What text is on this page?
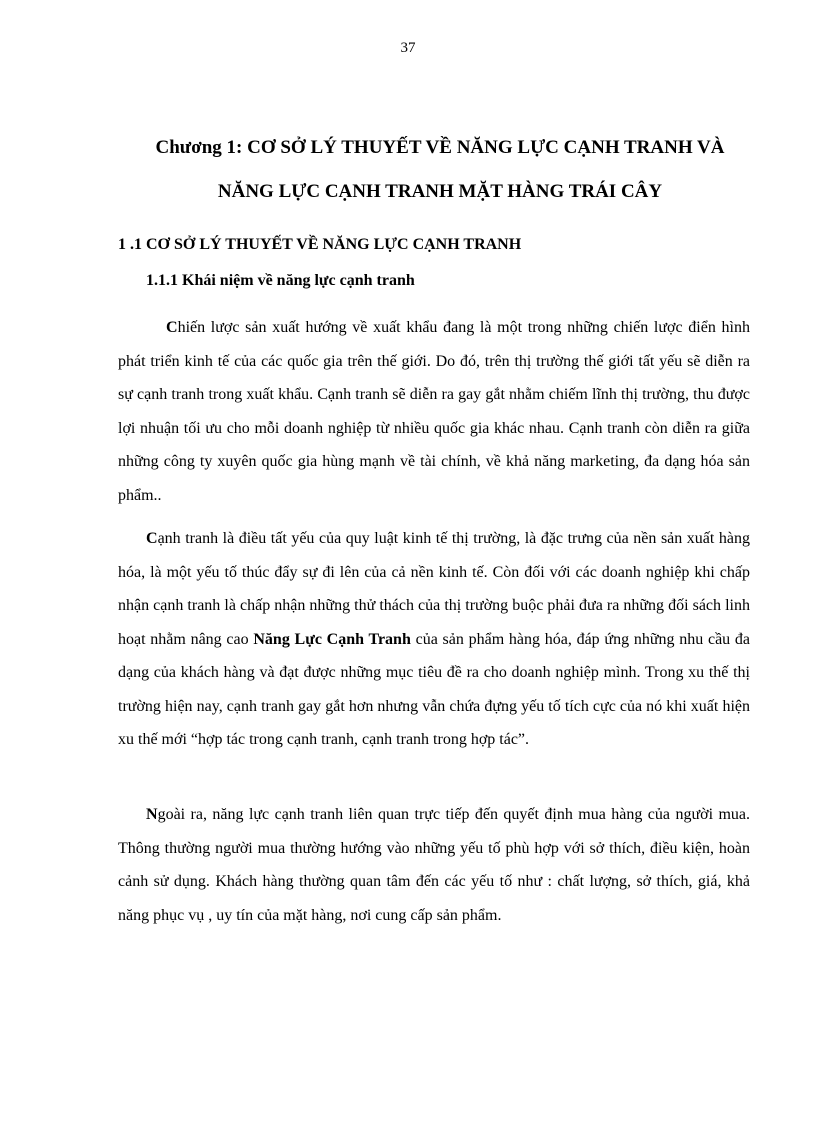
37
Chương 1: CƠ SỞ LÝ THUYẾT VỀ NĂNG LỰC CẠNH TRANH VÀ
NĂNG LỰC CẠNH TRANH MẶT HÀNG TRÁI CÂY
1 .1 CƠ SỞ LÝ THUYẾT VỀ NĂNG LỰC CẠNH TRANH
1.1.1 Khái niệm về năng lực cạnh tranh

Chiến lược sản xuất hướng về xuất khẩu đang là một trong những chiến lược điển hình phát triển kinh tế của các quốc gia trên thế giới. Do đó, trên thị trường thế giới tất yếu sẽ diễn ra sự cạnh tranh trong xuất khẩu. Cạnh tranh sẽ diễn ra gay gắt nhằm chiếm lĩnh thị trường, thu được lợi nhuận tối ưu cho mỗi doanh nghiệp từ nhiều quốc gia khác nhau. Cạnh tranh còn diễn ra giữa những công ty xuyên quốc gia hùng mạnh về tài chính, về khả năng marketing, đa dạng hóa sản phẩm..

Cạnh tranh là điều tất yếu của quy luật kinh tế thị trường, là đặc trưng của nền sản xuất hàng hóa, là một yếu tố thúc đẩy sự đi lên của cả nền kinh tế. Còn đối với các doanh nghiệp khi chấp nhận cạnh tranh là chấp nhận những thử thách của thị trường buộc phải đưa ra những đối sách linh hoạt nhằm nâng cao Năng Lực Cạnh Tranh của sản phẩm hàng hóa, đáp ứng những nhu cầu đa dạng của khách hàng và đạt được những mục tiêu đề ra cho doanh nghiệp mình. Trong xu thế thị trường hiện nay, cạnh tranh gay gắt hơn nhưng vẫn chứa đựng yếu tố tích cực của nó khi xuất hiện xu thế mới “hợp tác trong cạnh tranh, cạnh tranh trong hợp tác”.

Ngoài ra, năng lực cạnh tranh liên quan trực tiếp đến quyết định mua hàng của người mua. Thông thường người mua thường hướng vào những yếu tố phù hợp với sở thích, điều kiện, hoàn cảnh sử dụng. Khách hàng thường quan tâm đến các yếu tố như : chất lượng, sở thích, giá, khả năng phục vụ , uy tín của mặt hàng, nơi cung cấp sản phẩm.
